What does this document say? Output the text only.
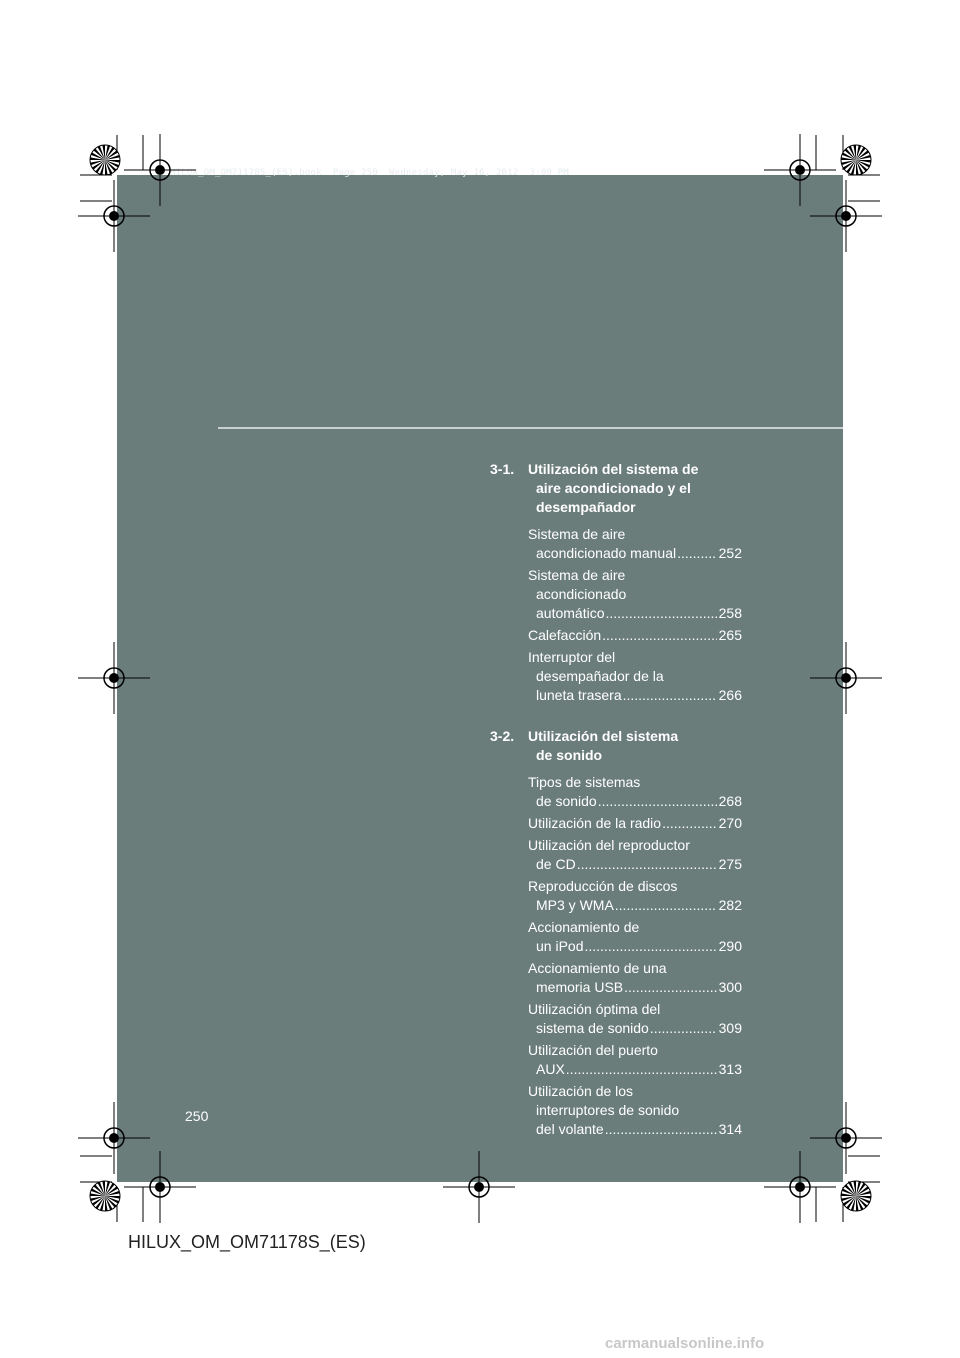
HILUX_OM_OM71178S_(ES).book  Page 250  Wednesday, May 16, 2012  3:09 PM
3-1. Utilización del sistema de
aire acondicionado y el
desempañador
Sistema de aire
acondicionado manual .....	252
Sistema de aire
acondicionado
automático .....	258
Calefacción .....	265
Interruptor del
desempañador de la
luneta trasera .....	266
3-2. Utilización del sistema
de sonido
Tipos de sistemas
de sonido .....	268
Utilización de la radio .....	270
Utilización del reproductor
de CD .....	275
Reproducción de discos
MP3 y WMA .....	282
Accionamiento de
un iPod .....	290
Accionamiento de una
memoria USB .....	300
Utilización óptima del
sistema de sonido .....	309
Utilización del puerto
AUX .....	313
Utilización de los
interruptores de sonido
del volante .....	314
250
HILUX_OM_OM71178S_(ES)
carmanualsonline.info
